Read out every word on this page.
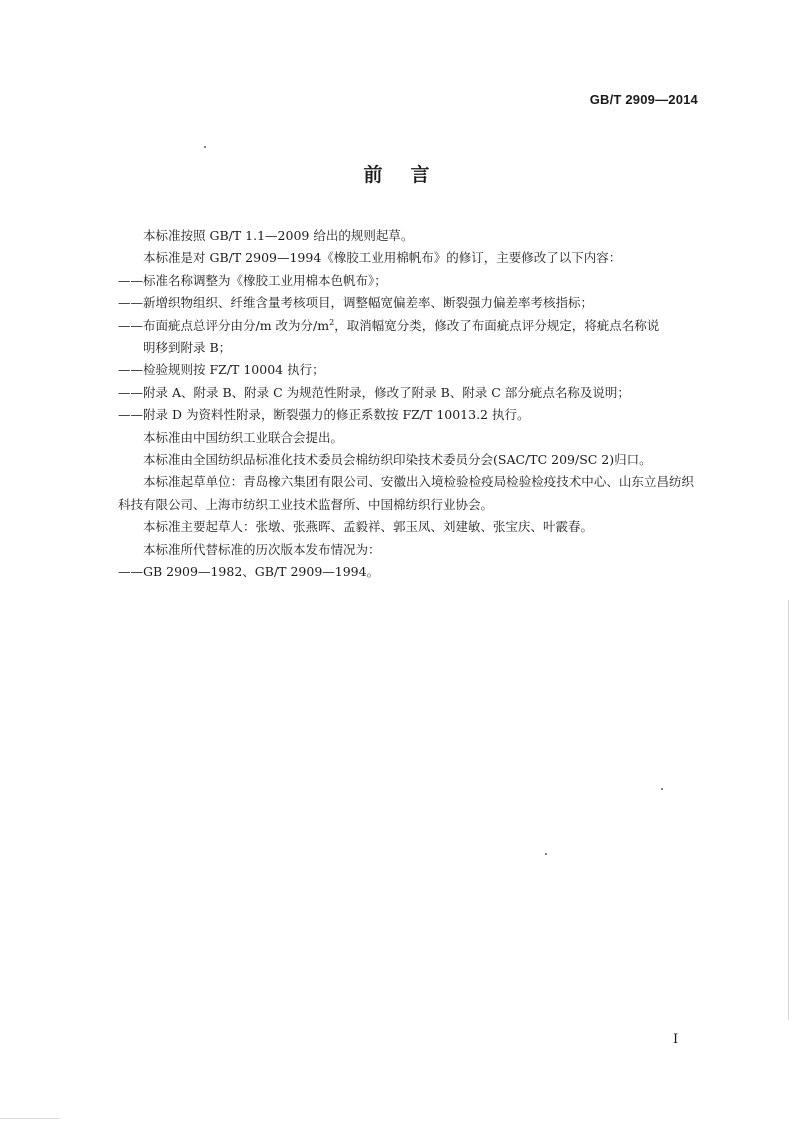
GB/T 2909—2014
前言

本标准按照 GB/T 1.1—2009 给出的规则起草。

本标准是对 GB/T 2909—1994《橡胶工业用棉帆布》的修订，主要修改了以下内容：

——标准名称调整为《橡胶工业用棉本色帆布》；

——新增织物组织、纤维含量考核项目，调整幅宽偏差率、断裂强力偏差率考核指标；

——布面疵点总评分由分/m 改为分$/m^2$，取消幅宽分类，修改了布面疵点评分规定，将疵点名称说

明移到附录 B；

——检验规则按 FZ/T 10004 执行；

——附录 A、附录 B、附录 C 为规范性附录，修改了附录 B、附录 C 部分疵点名称及说明；

——附录 D 为资料性附录，断裂强力的修正系数按 FZ/T 10013.2 执行。

本标准由中国纺织工业联合会提出。

本标准由全国纺织品标准化技术委员会棉纺织印染技术委员分会(SAC/TC 209/SC 2)归口。

本标准起草单位：青岛橡六集团有限公司、安徽出入境检验检疫局检验检疫技术中心、山东立昌纺织科技有限公司、上海市纺织工业技术监督所、中国棉纺织行业协会。

本标准主要起草人：张墩、张燕晖、孟毅祥、郭玉凤、刘建敏、张宝庆、叶霰春。

本标准所代替标准的历次版本发布情况为：

——GB 2909—1982、GB/T 2909—1994。

I
